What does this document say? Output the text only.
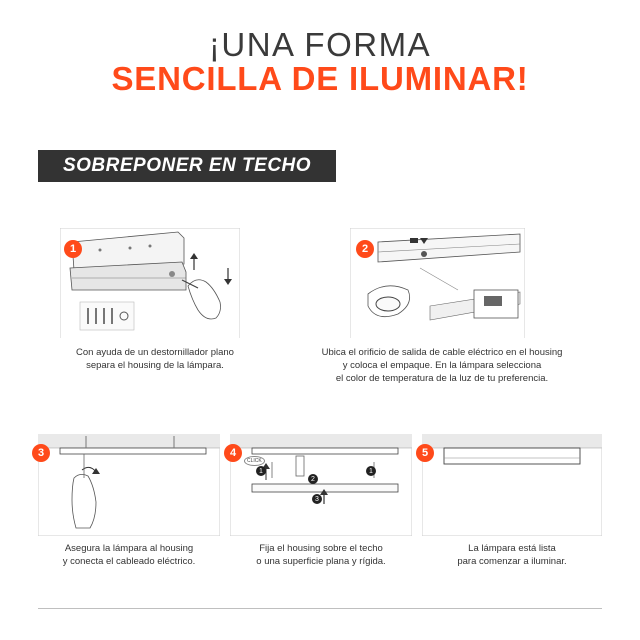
¡UNA FORMA
SENCILLA DE ILUMINAR!
SOBREPONER EN TECHO
1
Con ayuda de un destornillador plano
separa el housing de la lámpara.
2
Ubica el orificio de salida de cable eléctrico en el housing
y coloca el empaque. En la lámpara selecciona
el color de temperatura de la luz de tu preferencia.
3
Asegura la lámpara al housing
y conecta el cableado eléctrico.
4
CLICK
1
2
1
3
Fija el housing sobre el techo
o una superficie plana y rígida.
5
La lámpara está lista
para comenzar a iluminar.
